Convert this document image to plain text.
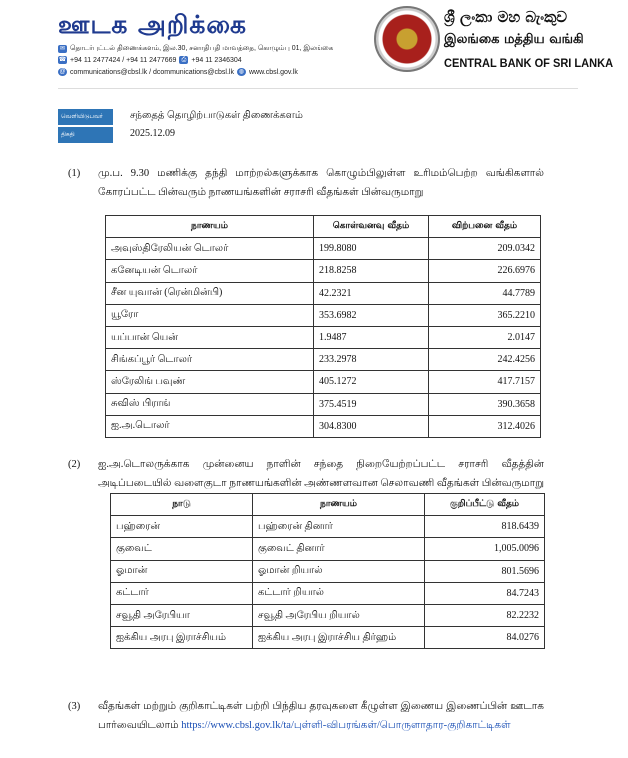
ஊடக அறிக்கை
✉ தொடர்புட்டல் திணைக்களம், இல.30, சனாதிபதி மாவத்தை, கொழும்பு 01, இலங்கை
☎ +94 11 2477424 / +94 11 2477669 ⎙ +94 11 2346304
@ communications@cbsl.lk / dcommunications@cbsl.lk ◍ www.cbsl.gov.lk
ශ්‍රී ලංකා මහ බැංකුව
இலங்கை மத்திய வங்கி
CENTRAL BANK OF SRI LANKA
வெளியிடுபவர்	சந்தைத் தொழிற்பாடுகள் திணைக்களம்
திகதி	2025.12.09
(1) மு.ப. 9.30 மணிக்கு தந்தி மாற்றல்களுக்காக கொழும்பிலுள்ள உரிமம்பெற்ற வங்கிகளால் கோரப்பட்ட பின்வரும் நாணயங்களின் சராசரி வீதங்கள் பின்வருமாறு
நாணயம்	கொள்வனவு வீதம்	விற்பனை வீதம்
அவுஸ்திரேலியன் டொலர்	199.8080	209.0342
கனேடியன் டொலர்	218.8258	226.6976
சீன யுவான் (ரென்மின்பி)	42.2321	44.7789
யூரோ	353.6982	365.2210
யப்பான் யென்	1.9487	2.0147
சிங்கப்பூர் டொலர்	233.2978	242.4256
ஸ்ரேலிங் பவுண்	405.1272	417.7157
சுவிஸ் பிராங்	375.4519	390.3658
ஐ.அ.டொலர்	304.8300	312.4026
(2) ஐ.அ.டொலருக்காக முன்னைய நாளின் சந்தை நிறையேற்றப்பட்ட சராசரி வீதத்தின் அடிப்படையில் வளைகுடா நாணயங்களின் அண்ணளவான செலாவணி வீதங்கள் பின்வருமாறு
நாடு	நாணயம்	குறிப்பீட்டு வீதம்
பஹ்ரைன்	பஹ்ரைன் தினார்	818.6439
குவைட்	குவைட் தினார்	1,005.0096
ஓமான்	ஓமான் றியால்	801.5696
கட்டார்	கட்டார் றியால்	84.7243
சவூதி அரேபியா	சவூதி அரேபிய றியால்	82.2232
ஐக்கிய அரபு இராச்சியம்	ஐக்கிய அரபு இராச்சிய திர்ஹம்	84.0276
(3) வீதங்கள் மற்றும் குறிகாட்டிகள் பற்றி பிந்திய தரவுகளை கீழுள்ள இணைய இணைப்பின் ஊடாக பார்வையிடலாம் https://www.cbsl.gov.lk/ta/புள்ளி-விபரங்கள்/பொருளாதார-குறிகாட்டிகள்
